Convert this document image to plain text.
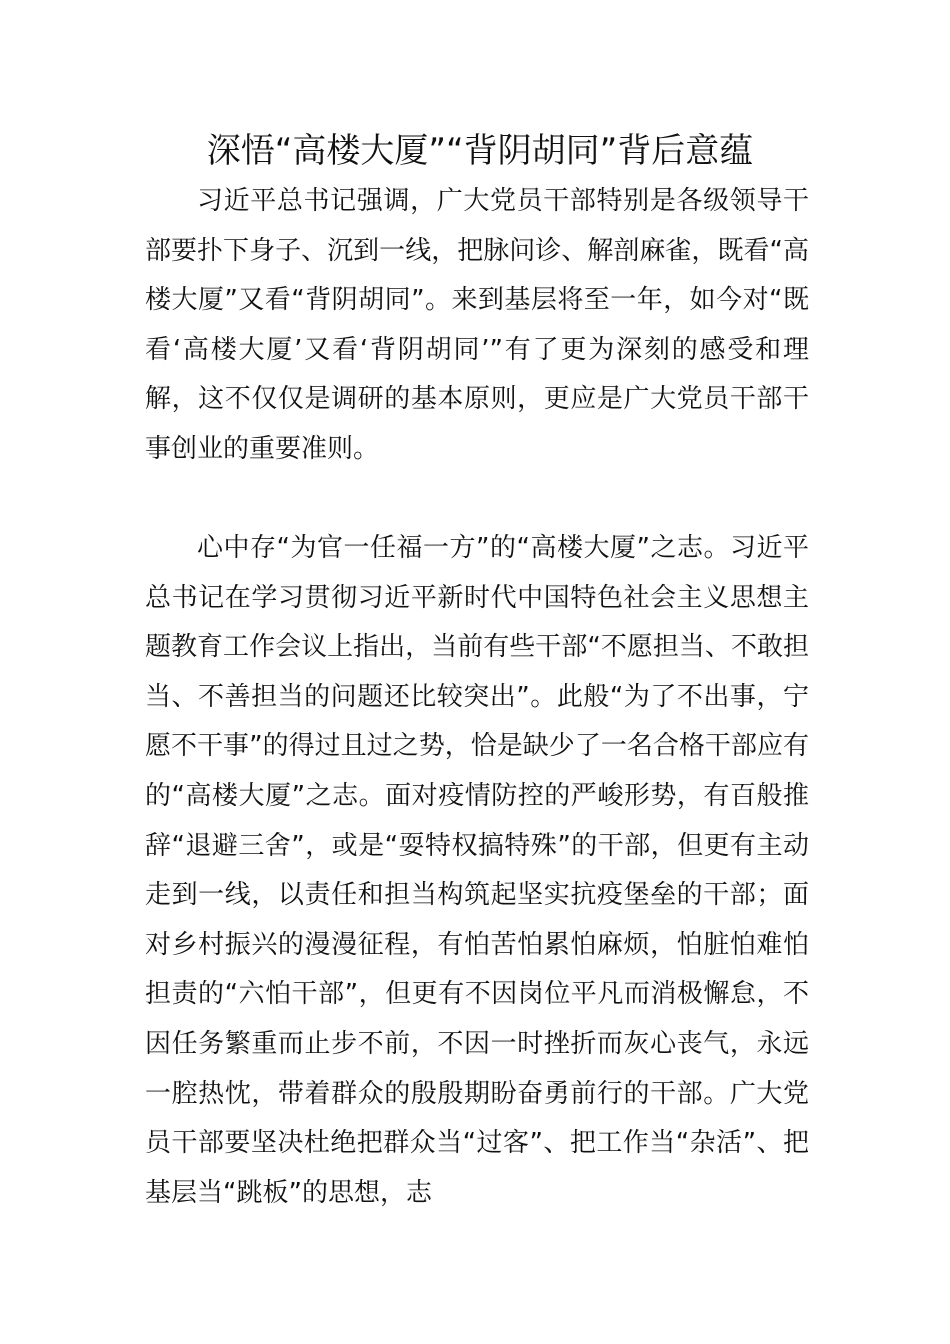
深悟“高楼大厦”“背阴胡同”背后意蕴

习近平总书记强调，广大党员干部特别是各级领导干部要扑下身子、沉到一线，把脉问诊、解剖麻雀，既看“高楼大厦”又看“背阴胡同”。来到基层将至一年，如今对“既看‘高楼大厦’又看‘背阴胡同’”有了更为深刻的感受和理解，这不仅仅是调研的基本原则，更应是广大党员干部干事创业的重要准则。

心中存“为官一任福一方”的“高楼大厦”之志。习近平总书记在学习贯彻习近平新时代中国特色社会主义思想主题教育工作会议上指出，当前有些干部“不愿担当、不敢担当、不善担当的问题还比较突出”。此般“为了不出事，宁愿不干事”的得过且过之势，恰是缺少了一名合格干部应有的“高楼大厦”之志。面对疫情防控的严峻形势，有百般推辞“退避三舍”，或是“耍特权搞特殊”的干部，但更有主动走到一线，以责任和担当构筑起坚实抗疫堡垒的干部；面对乡村振兴的漫漫征程，有怕苦怕累怕麻烦，怕脏怕难怕担责的“六怕干部”，但更有不因岗位平凡而消极懈怠，不因任务繁重而止步不前，不因一时挫折而灰心丧气，永远一腔热忱，带着群众的殷殷期盼奋勇前行的干部。广大党员干部要坚决杜绝把群众当“过客”、把工作当“杂活”、把基层当“跳板”的思想，志
